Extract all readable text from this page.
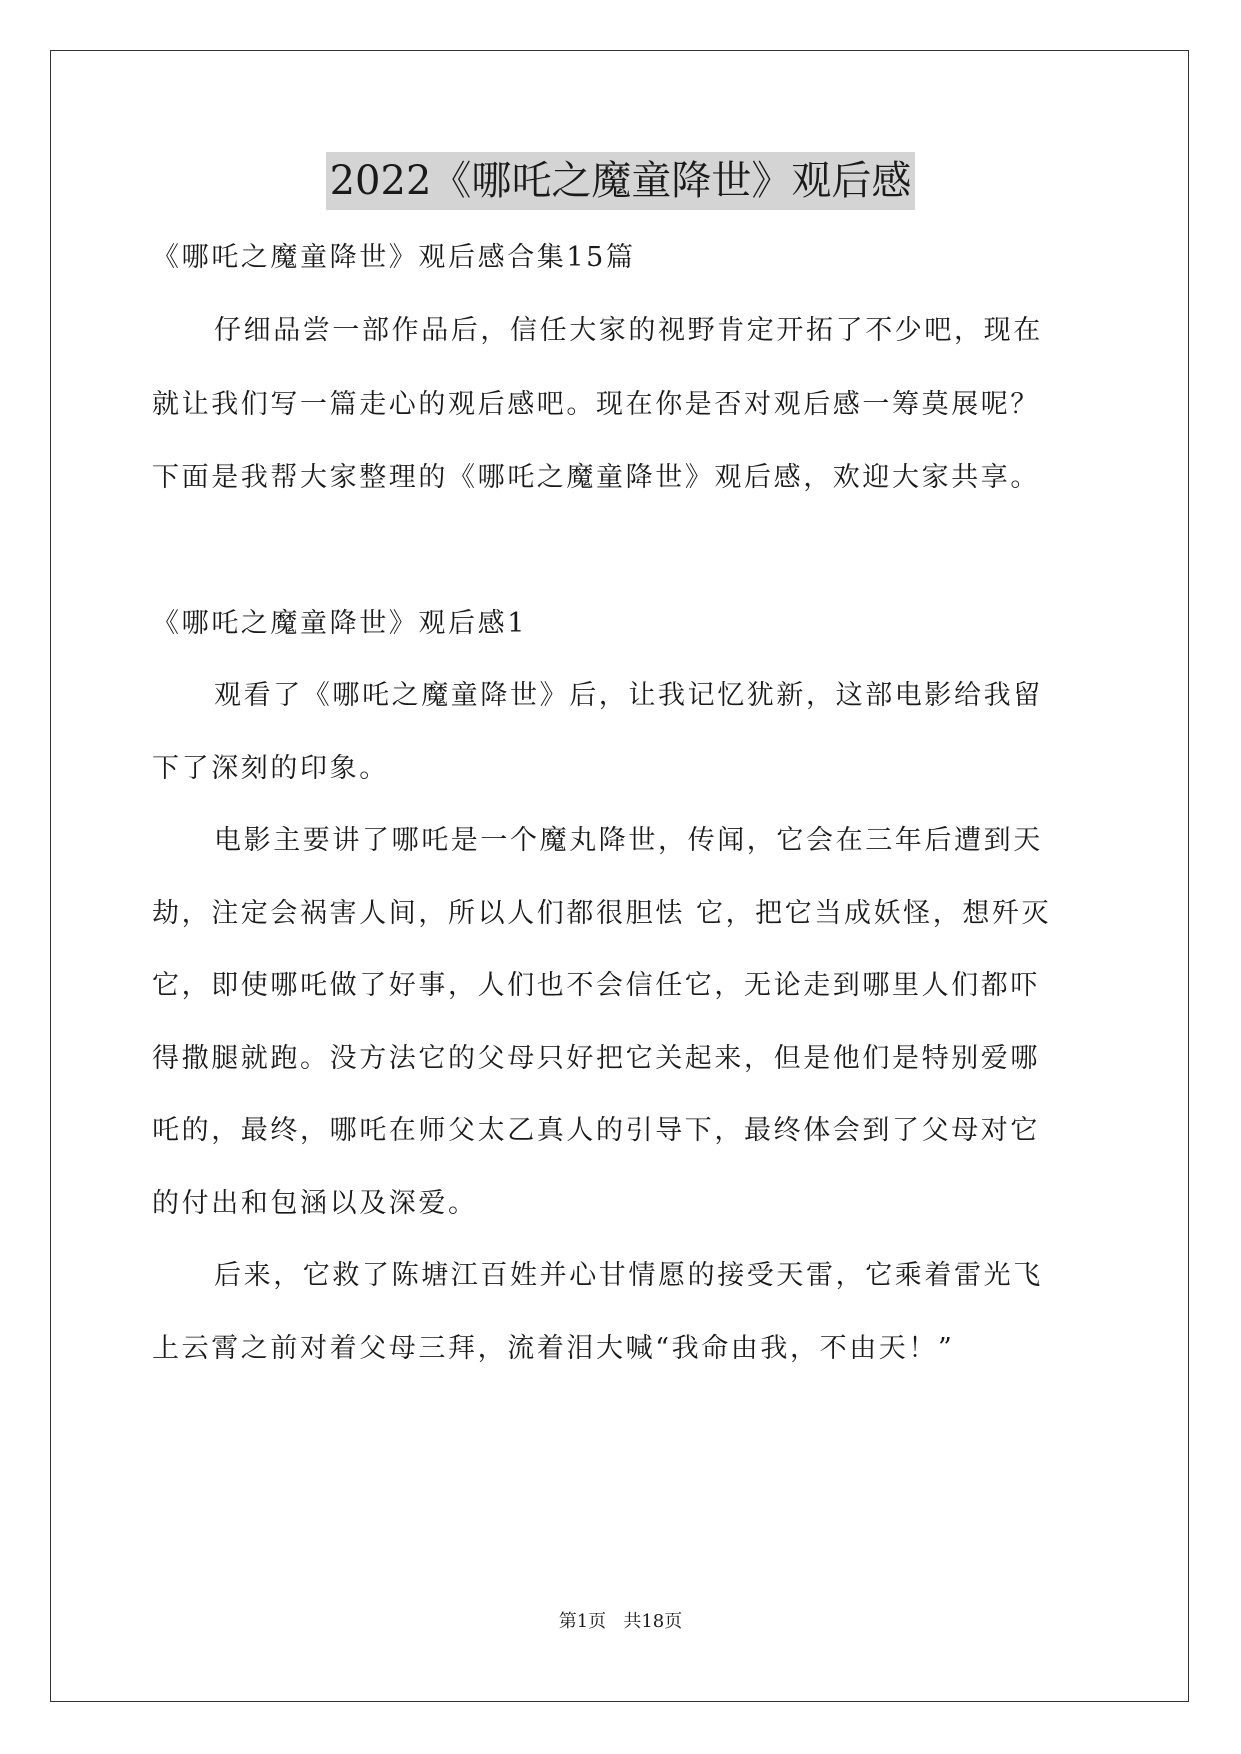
2022《哪吒之魔童降世》观后感
《哪吒之魔童降世》观后感合集15篇
仔细品尝一部作品后，信任大家的视野肯定开拓了不少吧，现在
就让我们写一篇走心的观后感吧。现在你是否对观后感一筹莫展呢？
下面是我帮大家整理的《哪吒之魔童降世》观后感，欢迎大家共享。
《哪吒之魔童降世》观后感1
观看了《哪吒之魔童降世》后，让我记忆犹新，这部电影给我留
下了深刻的印象。
电影主要讲了哪吒是一个魔丸降世，传闻，它会在三年后遭到天
劫，注定会祸害人间，所以人们都很胆怯 它，把它当成妖怪，想歼灭
它，即使哪吒做了好事，人们也不会信任它，无论走到哪里人们都吓
得撒腿就跑。没方法它的父母只好把它关起来，但是他们是特别爱哪
吒的，最终，哪吒在师父太乙真人的引导下，最终体会到了父母对它
的付出和包涵以及深爱。
后来，它救了陈塘江百姓并心甘情愿的接受天雷，它乘着雷光飞
上云霄之前对着父母三拜，流着泪大喊“我命由我，不由天！”
第1页   共18页
